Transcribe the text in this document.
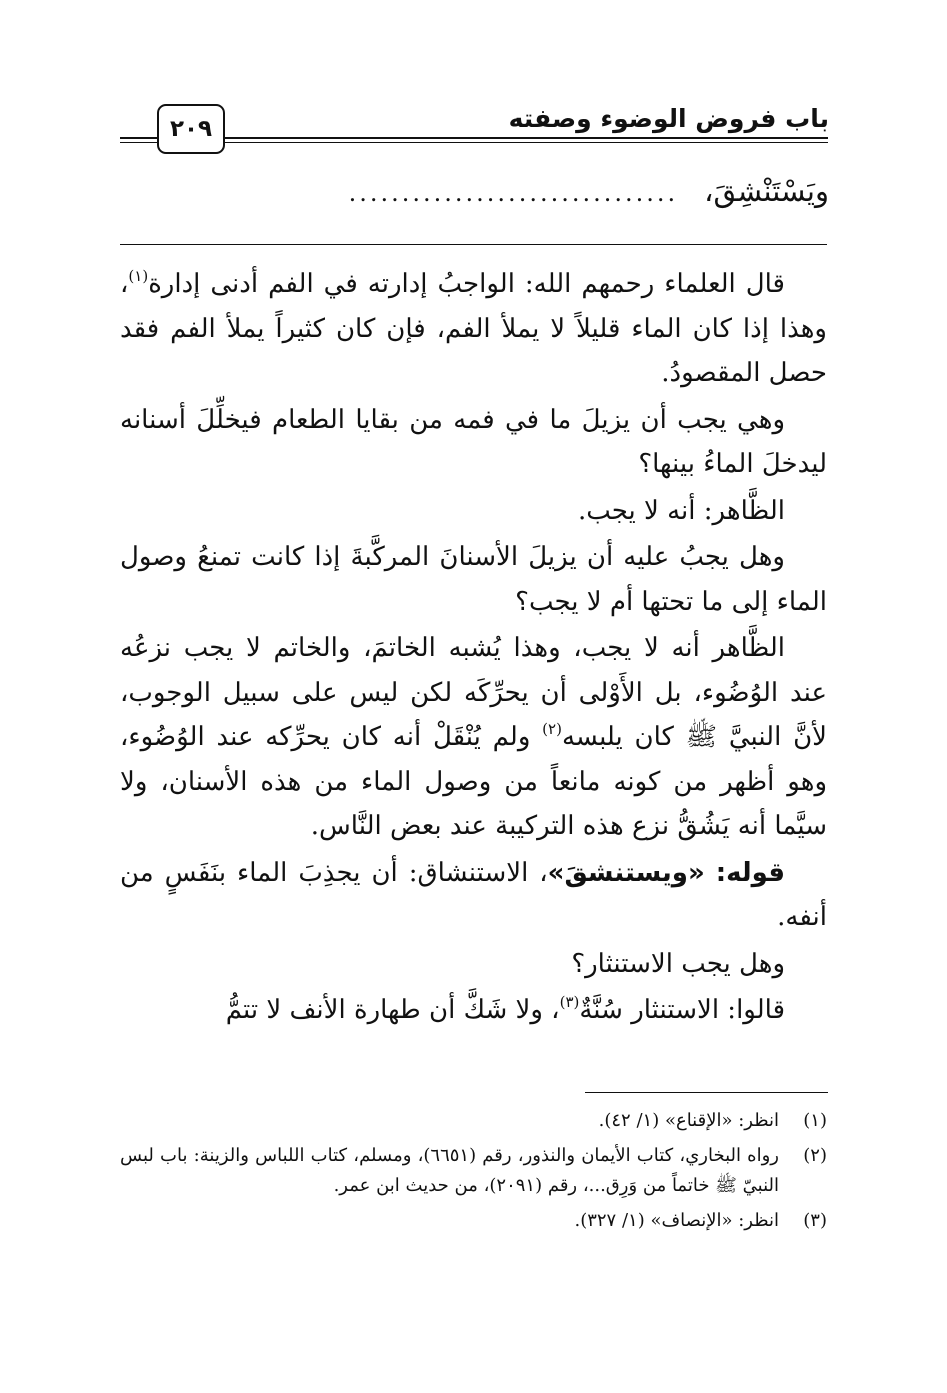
باب فروض الوضوء وصفته
٢٠٩
ويَسْتَنْشِقَ،
...............................

قال العلماء رحمهم الله: الواجبُ إدارته في الفم أدنى إدارة$^{(١)}$، وهذا إذا كان الماء قليلاً لا يملأ الفم، فإن كان كثيراً يملأ الفم فقد حصل المقصودُ.

وهي يجب أن يزيلَ ما في فمه من بقايا الطعام فيخلِّلَ أسنانه ليدخلَ الماءُ بينها؟

الظَّاهر: أنه لا يجب.

وهل يجبُ عليه أن يزيلَ الأسنانَ المركَّبةَ إذا كانت تمنعُ وصول الماء إلى ما تحتها أم لا يجب؟

الظَّاهر أنه لا يجب، وهذا يُشبه الخاتمَ، والخاتم لا يجب نزعُه عند الوُضُوء، بل الأَوْلى أن يحرِّكَه لكن ليس على سبيل الوجوب، لأنَّ النبيَّ ﷺ كان يلبسه$^{(٢)}$ ولم يُنْقَلْ أنه كان يحرِّكه عند الوُضُوء، وهو أظهر من كونه مانعاً من وصول الماء من هذه الأسنان، ولا سيَّما أنه يَشُقُّ نزع هذه التركيبة عند بعض النَّاس.

قوله: «ويستنشقَ»، الاستنشاق: أن يجذِبَ الماء بنَفَسٍ من أنفه.

وهل يجب الاستنثار؟

قالوا: الاستنثار سُنَّةٌ$^{(٣)}$، ولا شَكَّ أن طهارة الأنف لا تتمُّ

(١)
انظر: «الإقناع» (١/ ٤٢).
(٢)
رواه البخاري، كتاب الأيمان والنذور، رقم (٦٦٥١)، ومسلم، كتاب اللباس والزينة: باب لبس النبيّ ﷺ خاتماً من وَرِق...، رقم (٢٠٩١)، من حديث ابن عمر.
(٣)
انظر: «الإنصاف» (١/ ٣٢٧).
